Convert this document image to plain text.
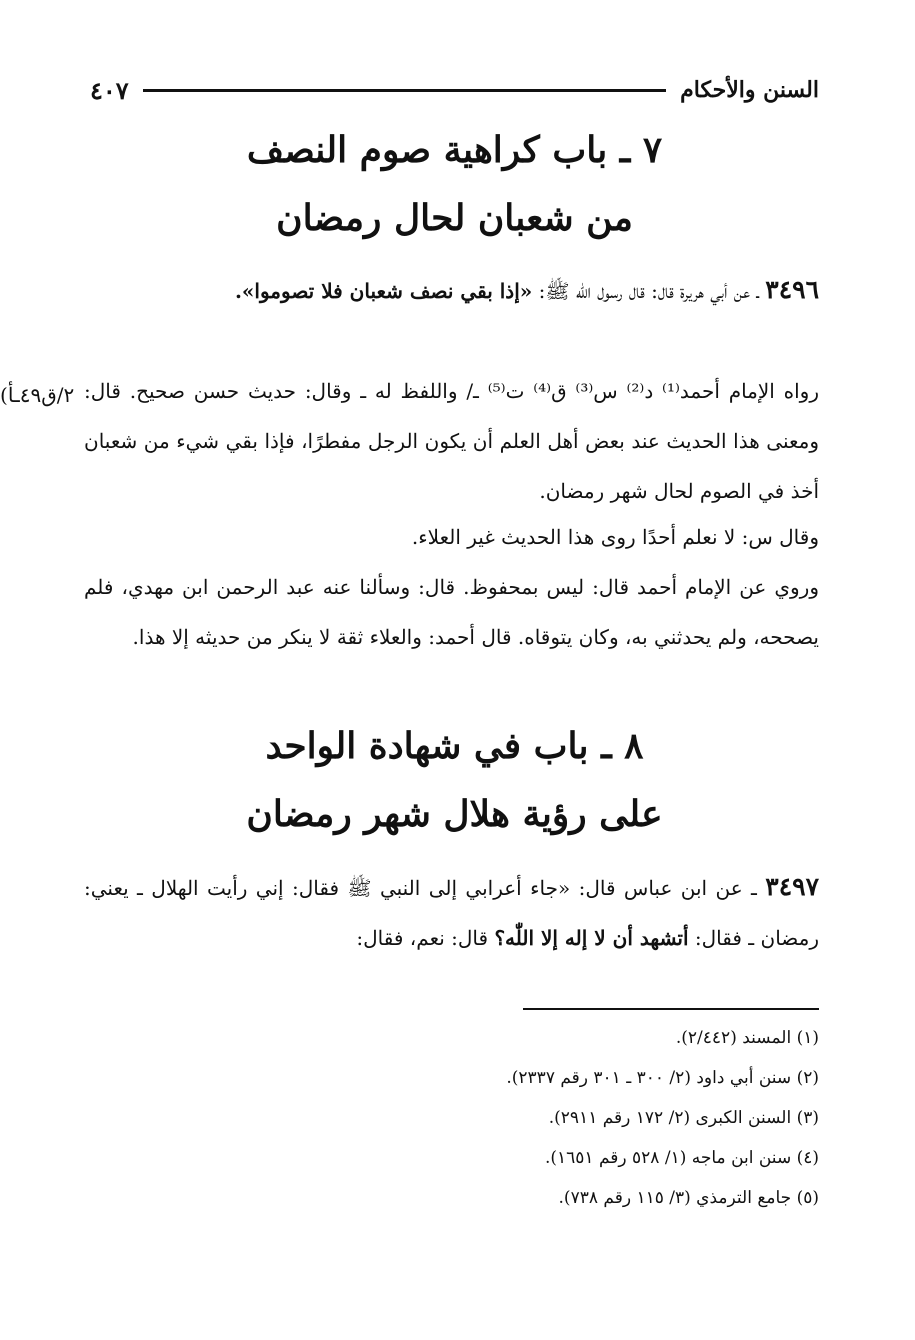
السنن والأحكام
٤٠٧
٧ ـ باب كراهية صوم النصف
من شعبان لحال رمضان

٣٤٩٦ ـ عن أبي هريرة قال: قال رسول اللّٰه ﷺ: «إذا بقي نصف شعبان فلا تصوموا».

رواه الإمام أحمد⁽¹⁾ د⁽²⁾ س⁽³⁾ ق⁽⁴⁾ ت⁽⁵⁾ ـ/ واللفظ له ـ وقال: حديث حسن صحيح. قال: ومعنى هذا الحديث عند بعض أهل العلم أن يكون الرجل مفطرًا، فإذا بقي شيء من شعبان أخذ في الصوم لحال شهر رمضان.

(٢/ق٤٩ـأ

وقال س: لا نعلم أحدًا روى هذا الحديث غير العلاء.

وروي عن الإمام أحمد قال: ليس بمحفوظ. قال: وسألنا عنه عبد الرحمن ابن مهدي، فلم يصححه، ولم يحدثني به، وكان يتوقاه. قال أحمد: والعلاء ثقة لا ينكر من حديثه إلا هذا.

٨ ـ باب في شهادة الواحد
على رؤية هلال شهر رمضان

٣٤٩٧ ـ عن ابن عباس قال: «جاء أعرابي إلى النبي ﷺ فقال: إني رأيت الهلال ـ يعني: رمضان ـ فقال: أتشهد أن لا إله إلا اللّٰه؟ قال: نعم، فقال:

(١) المسند (٢/٤٤٢).
(٢) سنن أبي داود (٢/ ٣٠٠ ـ ٣٠١ رقم ٢٣٣٧).
(٣) السنن الكبرى (٢/ ١٧٢ رقم ٢٩١١).
(٤) سنن ابن ماجه (١/ ٥٢٨ رقم ١٦٥١).
(٥) جامع الترمذي (٣/ ١١٥ رقم ٧٣٨).
